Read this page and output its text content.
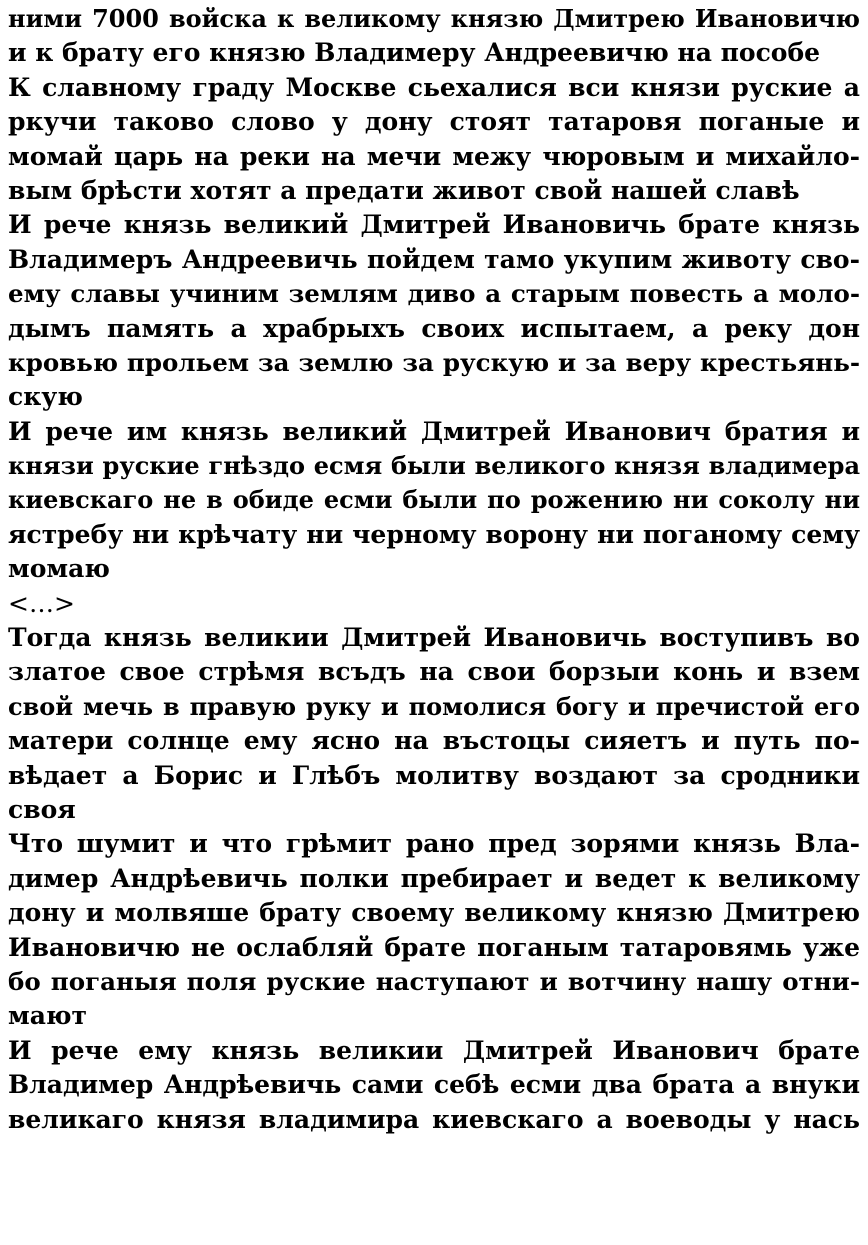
ними 7000 войска к великому князю Дмитрею Ивановичю
и к брату его князю Владимеру Андреевичю на пособе
К славному граду Москве сьехалися вси князи руские а
ркучи таково слово у дону стоят татаровя поганые и
момай царь на реки на мечи межу чюровым и михайло-
вым брѣсти хотят а предати живот свой нашей славѣ
И рече князь великий Дмитрей Ивановичь брате князь
Владимеръ Андреевичь пойдем тамо укупим животу сво-
ему славы учиним землям диво а старым повесть а моло-
дымъ память а храбрыхъ своих испытаем, а реку дон
кровью прольем за землю за рускую и за веру крестьянь-
скую
И рече им князь великий Дмитрей Иванович братия и
князи руские гнѣздо есмя были великого князя владимера
киевскаго не в обиде есми были по рожению ни соколу ни
ястребу ни крѣчату ни черному ворону ни поганому сему
момаю
<…>
Тогда князь великии Дмитрей Ивановичь воступивъ во
златое свое стрѣмя всъдъ на свои борзыи конь и взем
свой мечь в правую руку и помолися богу и пречистой его
матери солнце ему ясно на въстоцы сияетъ и путь по-
вѣдает а Борис и Глѣбъ молитву воздают за сродники
своя
Что шумит и что грѣмит рано пред зорями князь Вла-
димер Андрѣевичь полки пребирает и ведет к великому
дону и молвяше брату своему великому князю Дмитрею
Ивановичю не ослабляй брате поганым татаровямь уже
бо поганыя поля руские наступают и вотчину нашу отни-
мают
И рече ему князь великии Дмитрей Иванович брате
Владимер Андрѣевичь сами себѣ есми два брата а внуки
великаго князя владимира киевскаго а воеводы у нась
